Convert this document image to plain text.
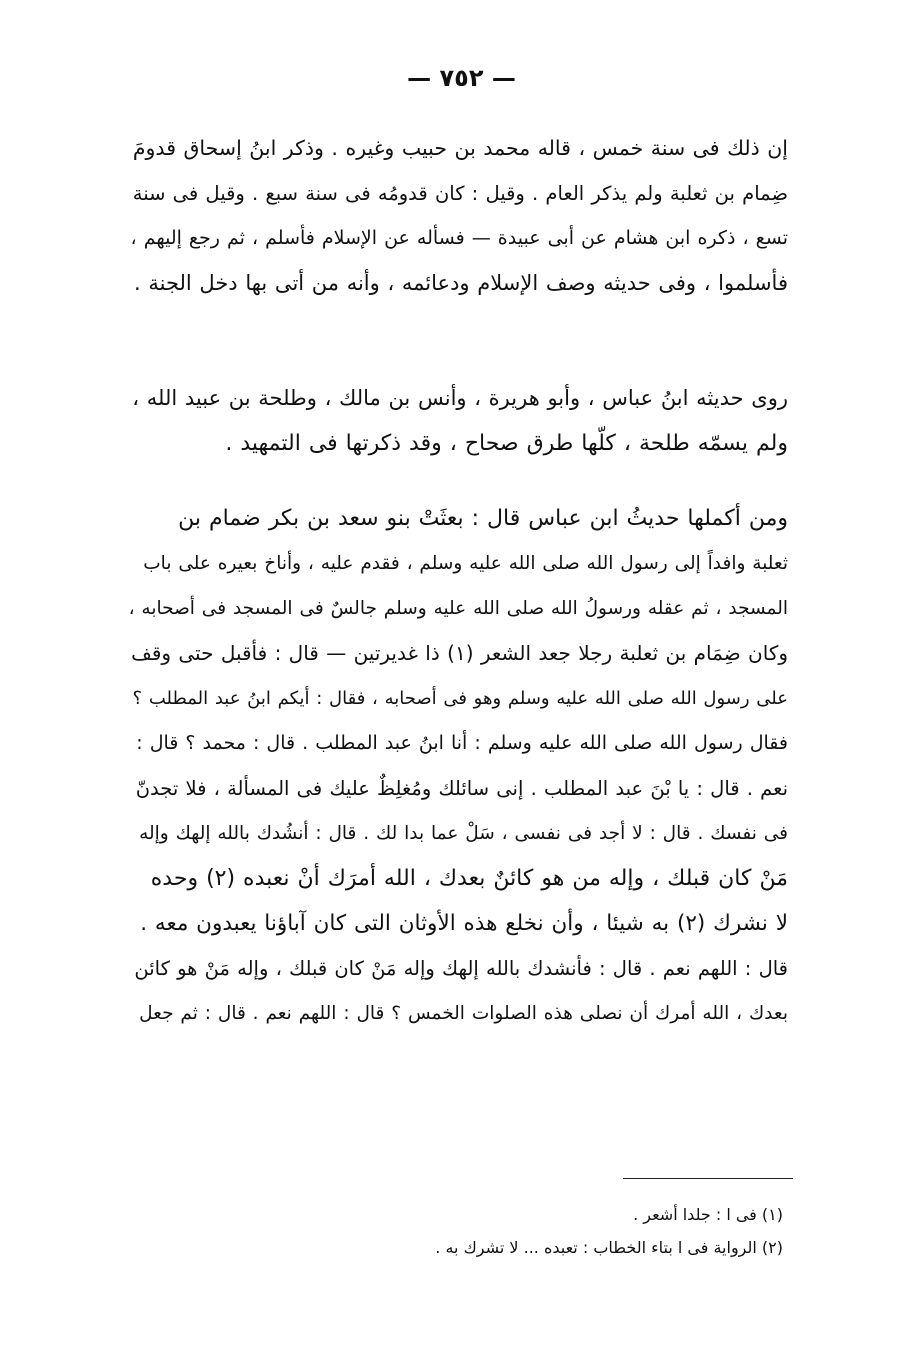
— ٧٥٢ —
إن ذلك فى سنة خمس ، قاله محمد بن حبيب وغيره . وذكر ابنُ إسحاق قدومَ
ضِمام بن ثعلبة ولم يذكر العام . وقيل : كان قدومُه فى سنة سبع . وقيل فى سنة
تسع ، ذكره ابن هشام عن أبى عبيدة — فسأله عن الإسلام فأسلم ، ثم رجع إليهم ،
فأسلموا ، وفى حديثه وصف الإسلام ودعائمه ، وأنه من أتى بها دخل الجنة .
روى حديثه ابنُ عباس ، وأبو هريرة ، وأنس بن مالك ، وطلحة بن عبيد الله ،
ولم يسمّه طلحة ، كلّها طرق صحاح ، وقد ذكرتها فى التمهيد .
ومن أكملها حديثُ ابن عباس قال : بعثَتْ بنو سعد بن بكر ضمام بن
ثعلبة وافداً إلى رسول الله صلى الله عليه وسلم ، فقدم عليه ، وأناخ بعيره على باب
المسجد ، ثم عقله ورسولُ الله صلى الله عليه وسلم جالسٌ فى المسجد فى أصحابه ،
وكان ضِمَام بن ثعلبة رجلا جعد الشعر (١) ذا غديرتين — قال : فأقبل حتى وقف
على رسول الله صلى الله عليه وسلم وهو فى أصحابه ، فقال : أيكم ابنُ عبد المطلب ؟
فقال رسول الله صلى الله عليه وسلم : أنا ابنُ عبد المطلب . قال : محمد ؟ قال :
نعم . قال : يا بْنَ عبد المطلب . إنى سائلك ومُغلِظٌ عليك فى المسألة ، فلا تجدنّ
فى نفسك . قال : لا أجد فى نفسى ، سَلْ عما بدا لك . قال : أنشُدك بالله إلهك وإله
مَنْ كان قبلك ، وإله من هو كائنٌ بعدك ، الله أمرَك أنْ نعبده (٢) وحده
لا نشرك (٢) به شيئا ، وأن نخلع هذه الأوثان التى كان آباؤنا يعبدون معه .
قال : اللهم نعم . قال : فأنشدك بالله إلهك وإله مَنْ كان قبلك ، وإله مَنْ هو كائن
بعدك ، الله أمرك أن نصلى هذه الصلوات الخمس ؟ قال : اللهم نعم . قال : ثم جعل
(١) فى ا : جلدا أشعر .
(٢) الرواية فى ا بتاء الخطاب : تعبده ... لا تشرك به .
